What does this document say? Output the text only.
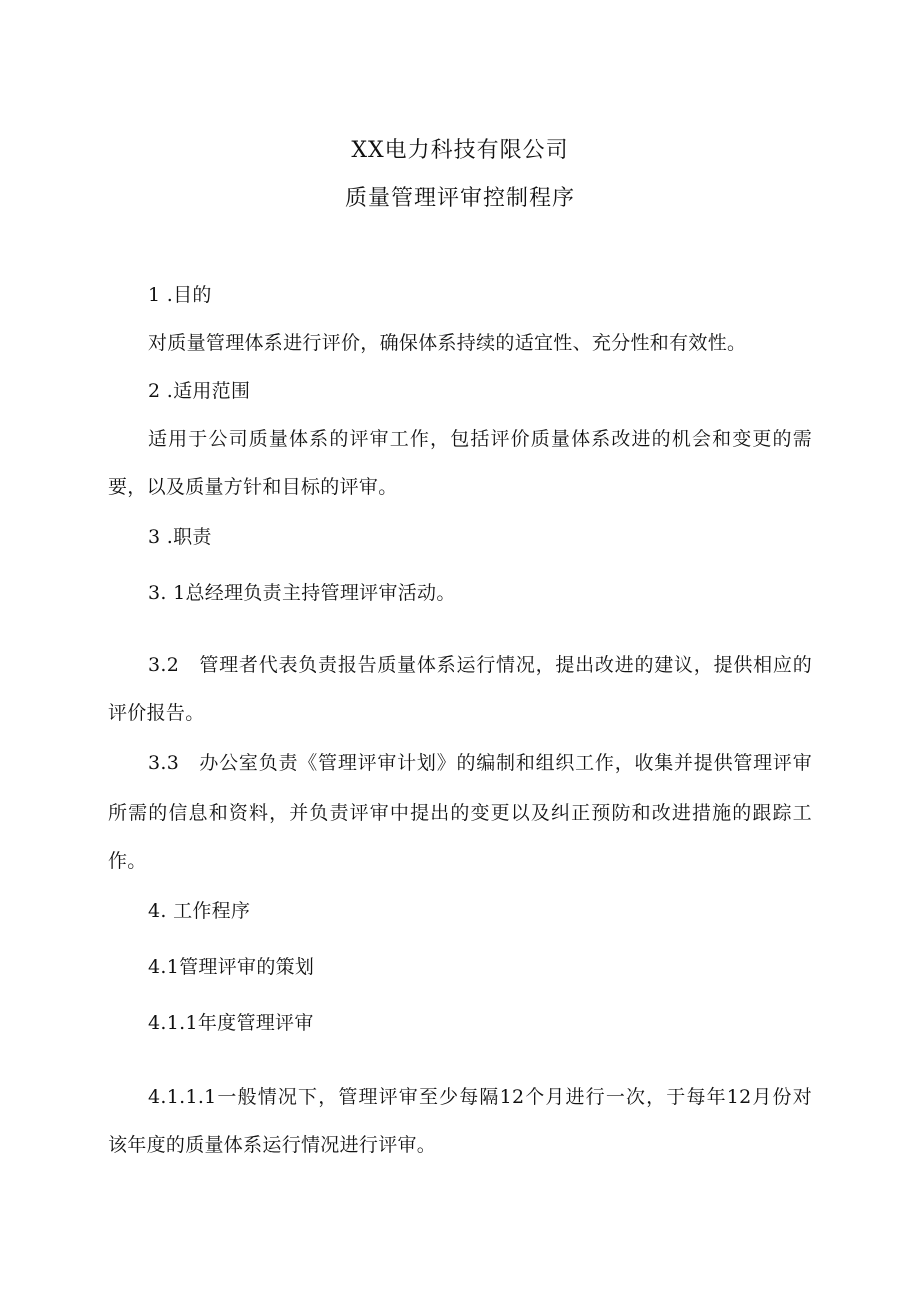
XX电力科技有限公司
质量管理评审控制程序
1 .目的
对质量管理体系进行评价，确保体系持续的适宜性、充分性和有效性。
2 .适用范围
适用于公司质量体系的评审工作，包括评价质量体系改进的机会和变更的需
要，以及质量方针和目标的评审。
3 .职责
3. 1总经理负责主持管理评审活动。
3.2　管理者代表负责报告质量体系运行情况，提出改进的建议，提供相应的
评价报告。
3.3　办公室负责《管理评审计划》的编制和组织工作，收集并提供管理评审
所需的信息和资料，并负责评审中提出的变更以及纠正预防和改进措施的跟踪工
作。
4. 工作程序
4.1管理评审的策划
4.1.1年度管理评审
4.1.1.1一般情况下，管理评审至少每隔12个月进行一次，于每年12月份对
该年度的质量体系运行情况进行评审。
